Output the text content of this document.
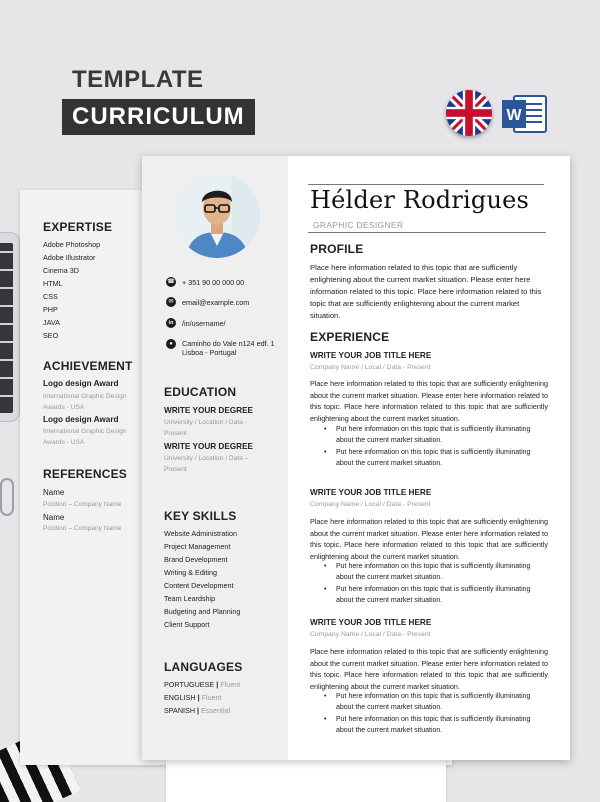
TEMPLATE
CURRICULUM	W
EXPERTISE
Adobe Photoshop
Adobe Illustrator
Cinema 3D
HTML
CSS
PHP
JAVA
SEO
ACHIEVEMENT
Logo design Award
International Graphic Design
Awards - USA
Logo design Award
International Graphic Design
Awards - USA
REFERENCES
Name
Position – Company Name
Name
Position – Company Name
☎ + 351 90 00 000 00
✉	email@example.com
in	/in/username/
●	Caminho do Vale n124 edf. 1
Lisboa - Portugal
EDUCATION
WRITE YOUR DEGREE
University / Location / Data -
Present
WRITE YOUR DEGREE
University / Location / Data –
Present
KEY SKILLS
Website Administration
Project Management
Brand Development
Writing & Editing
Content Development
Team Leardship
Budgeting and Planning
Client Support
LANGUAGES
PORTUGUESE | Fluent
ENGLISH | Fluent
SPANISH | Essential
Hélder Rodrigues
GRAPHIC DESIGNER
PROFILE
Place here information related to this topic that are sufficiently enlightening about the current market situation. Please enter here information related to this topic. Place here information related to this topic that are sufficiently enlightening about the current market situation.
EXPERIENCE
WRITE YOUR JOB TITLE HERE
Company Name / Local / Data - Present
Place here information related to this topic that are sufficiently enlightening about the current market situation. Please enter here information related to this topic. Place here information related to this topic that are sufficiently enlightening about the current market situation.
• Put here information on this topic that is sufficiently illuminating about the current market situation.
• Put here information on this topic that is sufficiently illuminating about the current market situation.
WRITE YOUR JOB TITLE HERE
Company Name / Local / Data - Present
Place here information related to this topic that are sufficiently enlightening about the current market situation. Please enter here information related to this topic. Place here information related to this topic that are sufficiently enlightening about the current market situation.
• Put here information on this topic that is sufficiently illuminating about the current market situation.
• Put here information on this topic that is sufficiently illuminating about the current market situation.
WRITE YOUR JOB TITLE HERE
Company Name / Local / Data - Present
Place here information related to this topic that are sufficiently enlightening about the current market situation. Please enter here information related to this topic. Place here information related to this topic that are sufficiently enlightening about the current market situation.
• Put here information on this topic that is sufficiently illuminating about the current market situation.
• Put here information on this topic that is sufficiently illuminating about the current market situation.
